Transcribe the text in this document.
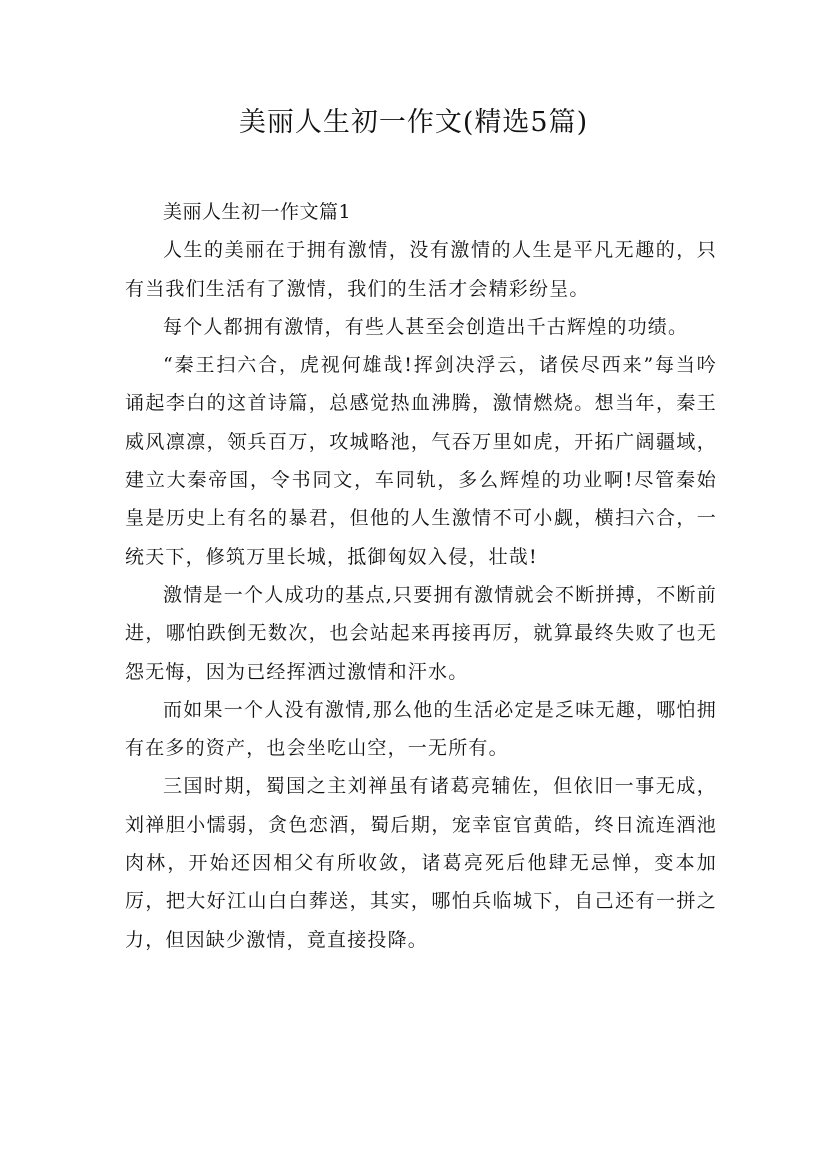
美丽人生初一作文(精选5篇)

美丽人生初一作文篇1

人生的美丽在于拥有激情，没有激情的人生是平凡无趣的，只有当我们生活有了激情，我们的生活才会精彩纷呈。

每个人都拥有激情，有些人甚至会创造出千古辉煌的功绩。

“秦王扫六合，虎视何雄哉!挥剑决浮云，诸侯尽西来”每当吟诵起李白的这首诗篇，总感觉热血沸腾，激情燃烧。想当年，秦王威风凛凛，领兵百万，攻城略池，气吞万里如虎，开拓广阔疆域，建立大秦帝国，令书同文，车同轨，多么辉煌的功业啊!尽管秦始皇是历史上有名的暴君，但他的人生激情不可小觑，横扫六合，一统天下，修筑万里长城，抵御匈奴入侵，壮哉!

激情是一个人成功的基点,只要拥有激情就会不断拼搏，不断前进，哪怕跌倒无数次，也会站起来再接再厉，就算最终失败了也无怨无悔，因为已经挥洒过激情和汗水。

而如果一个人没有激情,那么他的生活必定是乏味无趣，哪怕拥有在多的资产，也会坐吃山空，一无所有。

三国时期，蜀国之主刘禅虽有诸葛亮辅佐，但依旧一事无成，刘禅胆小懦弱，贪色恋酒，蜀后期，宠幸宦官黄皓，终日流连酒池肉林，开始还因相父有所收敛，诸葛亮死后他肆无忌惮，变本加厉，把大好江山白白葬送，其实，哪怕兵临城下，自己还有一拼之力，但因缺少激情，竟直接投降。
